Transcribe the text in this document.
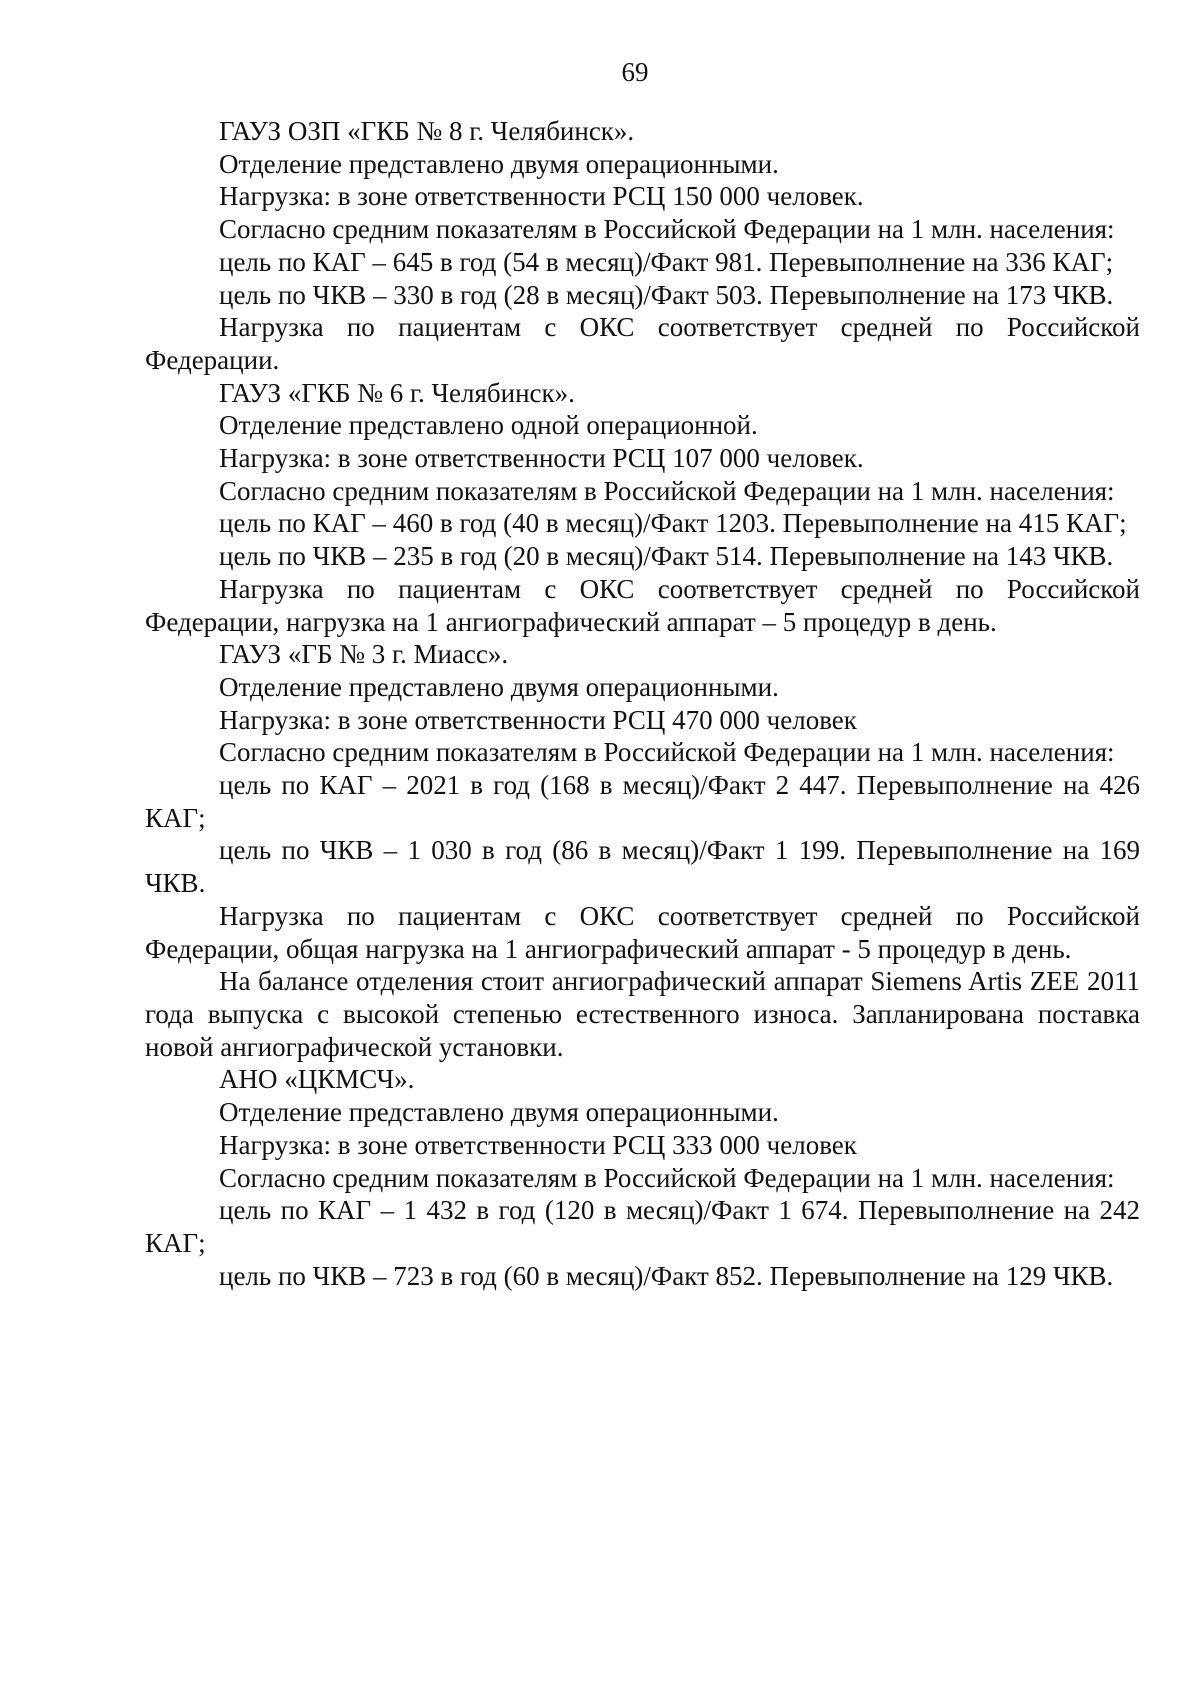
69

ГАУЗ ОЗП «ГКБ № 8 г. Челябинск».

Отделение представлено двумя операционными.

Нагрузка: в зоне ответственности РСЦ 150 000 человек.

Согласно средним показателям в Российской Федерации на 1 млн. населения:

цель по КАГ – 645 в год (54 в месяц)/Факт 981. Перевыполнение на 336 КАГ;

цель по ЧКВ – 330 в год (28 в месяц)/Факт 503. Перевыполнение на 173 ЧКВ.

Нагрузка по пациентам с ОКС соответствует средней по Российской Федерации.

ГАУЗ «ГКБ № 6 г. Челябинск».

Отделение представлено одной операционной.

Нагрузка: в зоне ответственности РСЦ 107 000 человек.

Согласно средним показателям в Российской Федерации на 1 млн. населения:

цель по КАГ – 460 в год (40 в месяц)/Факт 1203. Перевыполнение на 415 КАГ;

цель по ЧКВ – 235 в год (20 в месяц)/Факт 514. Перевыполнение на 143 ЧКВ.

Нагрузка по пациентам с ОКС соответствует средней по Российской Федерации, нагрузка на 1 ангиографический аппарат – 5 процедур в день.

ГАУЗ «ГБ № 3 г. Миасс».

Отделение представлено двумя операционными.

Нагрузка: в зоне ответственности РСЦ 470 000 человек

Согласно средним показателям в Российской Федерации на 1 млн. населения:

цель по КАГ – 2021 в год (168 в месяц)/Факт 2 447. Перевыполнение на 426 КАГ;

цель по ЧКВ – 1 030 в год (86 в месяц)/Факт 1 199. Перевыполнение на 169 ЧКВ.

Нагрузка по пациентам с ОКС соответствует средней по Российской Федерации, общая нагрузка на 1 ангиографический аппарат - 5 процедур в день.

На балансе отделения стоит ангиографический аппарат Siemens Artis ZEE 2011 года выпуска с высокой степенью естественного износа. Запланирована поставка новой ангиографической установки.

АНО «ЦКМСЧ».

Отделение представлено двумя операционными.

Нагрузка: в зоне ответственности РСЦ 333 000 человек

Согласно средним показателям в Российской Федерации на 1 млн. населения:

цель по КАГ – 1 432 в год (120 в месяц)/Факт 1 674. Перевыполнение на 242 КАГ;

цель по ЧКВ – 723 в год (60 в месяц)/Факт 852. Перевыполнение на 129 ЧКВ.
